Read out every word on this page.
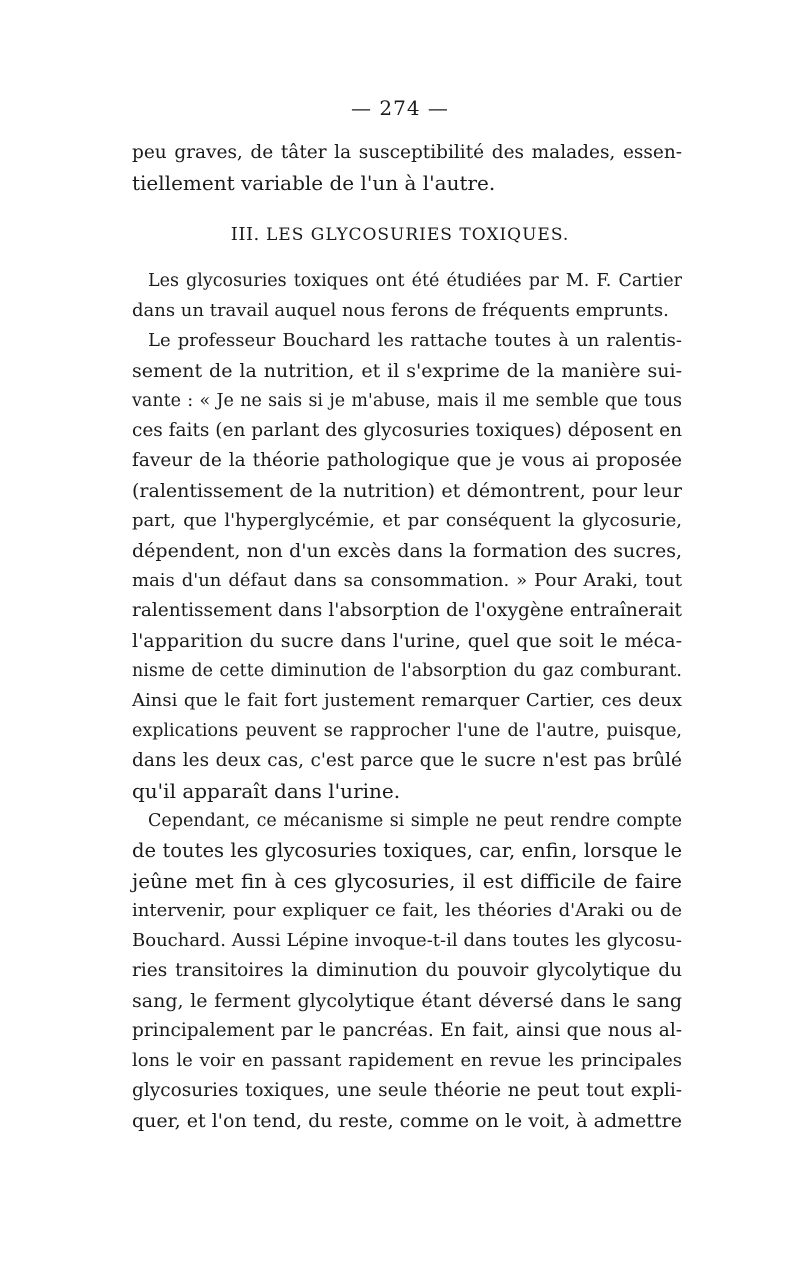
— 274 —
peu graves, de tâter la susceptibilité des malades, essen-
tiellement variable de l'un à l'autre.
III. LES GLYCOSURIES TOXIQUES.
Les glycosuries toxiques ont été étudiées par M. F. Cartier
dans un travail auquel nous ferons de fréquents emprunts.
Le professeur Bouchard les rattache toutes à un ralentis-
sement de la nutrition, et il s'exprime de la manière sui-
vante : « Je ne sais si je m'abuse, mais il me semble que tous
ces faits (en parlant des glycosuries toxiques) déposent en
faveur de la théorie pathologique que je vous ai proposée
(ralentissement de la nutrition) et démontrent, pour leur
part, que l'hyperglycémie, et par conséquent la glycosurie,
dépendent, non d'un excès dans la formation des sucres,
mais d'un défaut dans sa consommation. » Pour Araki, tout
ralentissement dans l'absorption de l'oxygène entraînerait
l'apparition du sucre dans l'urine, quel que soit le méca-
nisme de cette diminution de l'absorption du gaz comburant.
Ainsi que le fait fort justement remarquer Cartier, ces deux
explications peuvent se rapprocher l'une de l'autre, puisque,
dans les deux cas, c'est parce que le sucre n'est pas brûlé
qu'il apparaît dans l'urine.
Cependant, ce mécanisme si simple ne peut rendre compte
de toutes les glycosuries toxiques, car, enfin, lorsque le
jeûne met fin à ces glycosuries, il est difficile de faire
intervenir, pour expliquer ce fait, les théories d'Araki ou de
Bouchard. Aussi Lépine invoque-t-il dans toutes les glycosu-
ries transitoires la diminution du pouvoir glycolytique du
sang, le ferment glycolytique étant déversé dans le sang
principalement par le pancréas. En fait, ainsi que nous al-
lons le voir en passant rapidement en revue les principales
glycosuries toxiques, une seule théorie ne peut tout expli-
quer, et l'on tend, du reste, comme on le voit, à admettre
